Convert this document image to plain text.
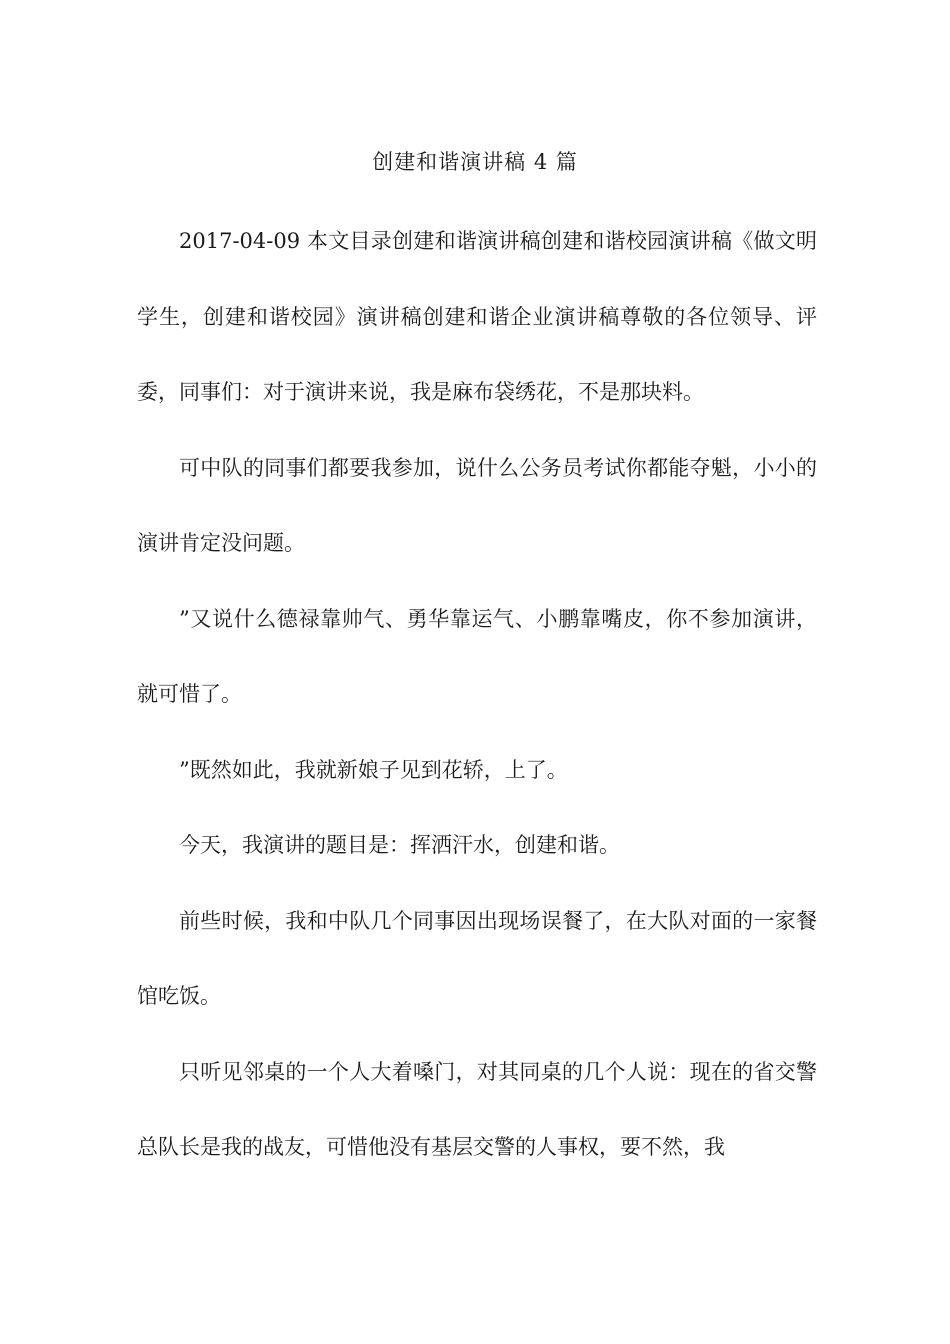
创建和谐演讲稿 4 篇

2017-04-09 本文目录创建和谐演讲稿创建和谐校园演讲稿《做文明学生，创建和谐校园》演讲稿创建和谐企业演讲稿尊敬的各位领导、评委，同事们：对于演讲来说，我是麻布袋绣花，不是那块料。

可中队的同事们都要我参加，说什么公务员考试你都能夺魁，小小的演讲肯定没问题。

”又说什么德禄靠帅气、勇华靠运气、小鹏靠嘴皮，你不参加演讲，就可惜了。

”既然如此，我就新娘子见到花轿，上了。

今天，我演讲的题目是：挥洒汗水，创建和谐。

前些时候，我和中队几个同事因出现场误餐了，在大队对面的一家餐馆吃饭。

只听见邻桌的一个人大着嗓门，对其同桌的几个人说：现在的省交警总队长是我的战友，可惜他没有基层交警的人事权，要不然，我
